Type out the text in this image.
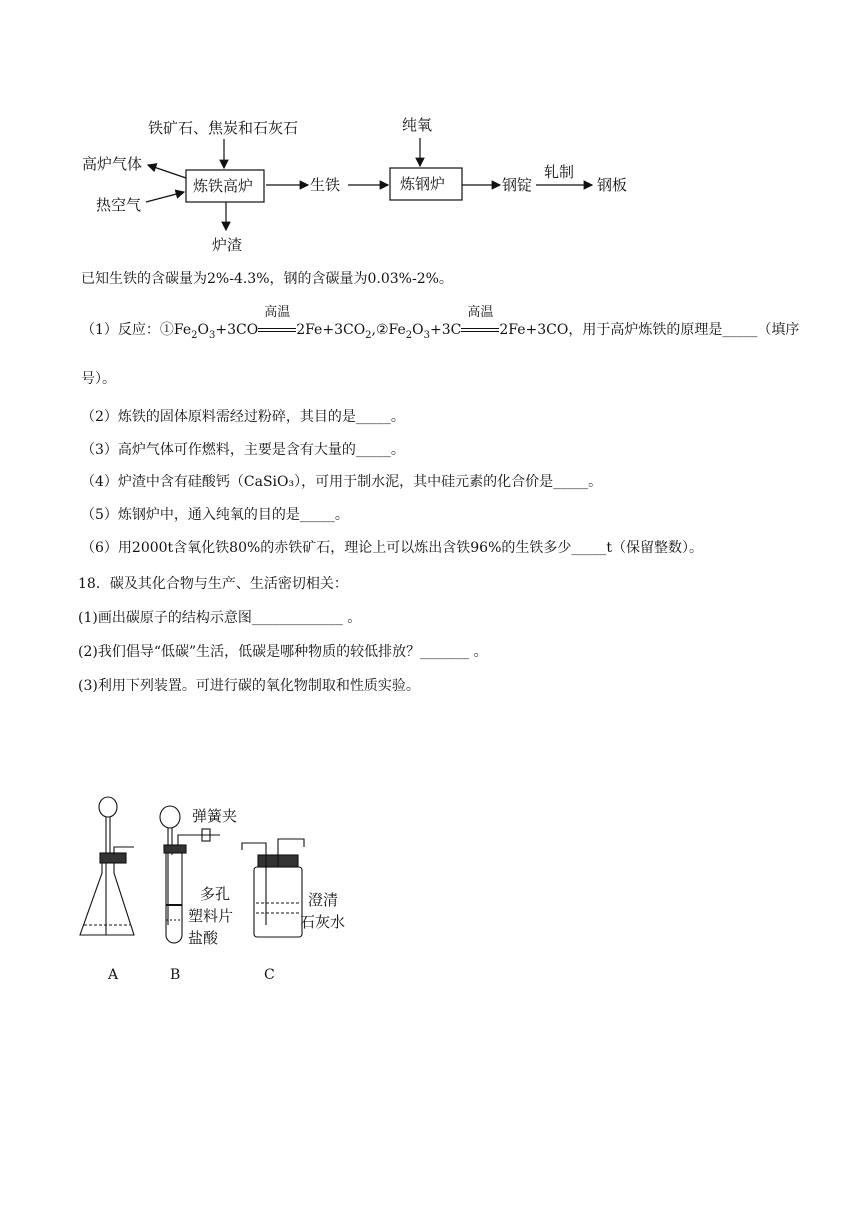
铁矿石、焦炭和石灰石
炼铁高炉
高炉气体
热空气
炉渣
生铁	炼钢炉
纯氧
钢锭
轧制
钢板
已知生铁的含碳量为2%-4.3%，钢的含碳量为0.03%-2%。
（1）反应：$①Fe_2O_3+3CO$
高温
$2Fe+3CO_2,②Fe_2O_3+3C$
高温
2Fe+3CO，用于高炉炼铁的原理是_____（填序
号）。
（2）炼铁的固体原料需经过粉碎，其目的是_____。
（3）高炉气体可作燃料，主要是含有大量的_____。
（4）炉渣中含有硅酸钙（CaSiO₃），可用于制水泥，其中硅元素的化合价是_____。
（5）炼钢炉中，通入纯氧的目的是_____。
（6）用2000t含氧化铁80%的赤铁矿石，理论上可以炼出含铁96%的生铁多少_____t（保留整数）。
18．碳及其化合物与生产、生活密切相关：
(1)画出碳原子的结构示意图_____________ 。
(2)我们倡导“低碳”生活，低碳是哪种物质的较低排放？_______ 。
(3)利用下列装置。可进行碳的氧化物制取和性质实验。
弹簧夹
多孔
塑料片
盐酸
澄清
石灰水
A	B	C
